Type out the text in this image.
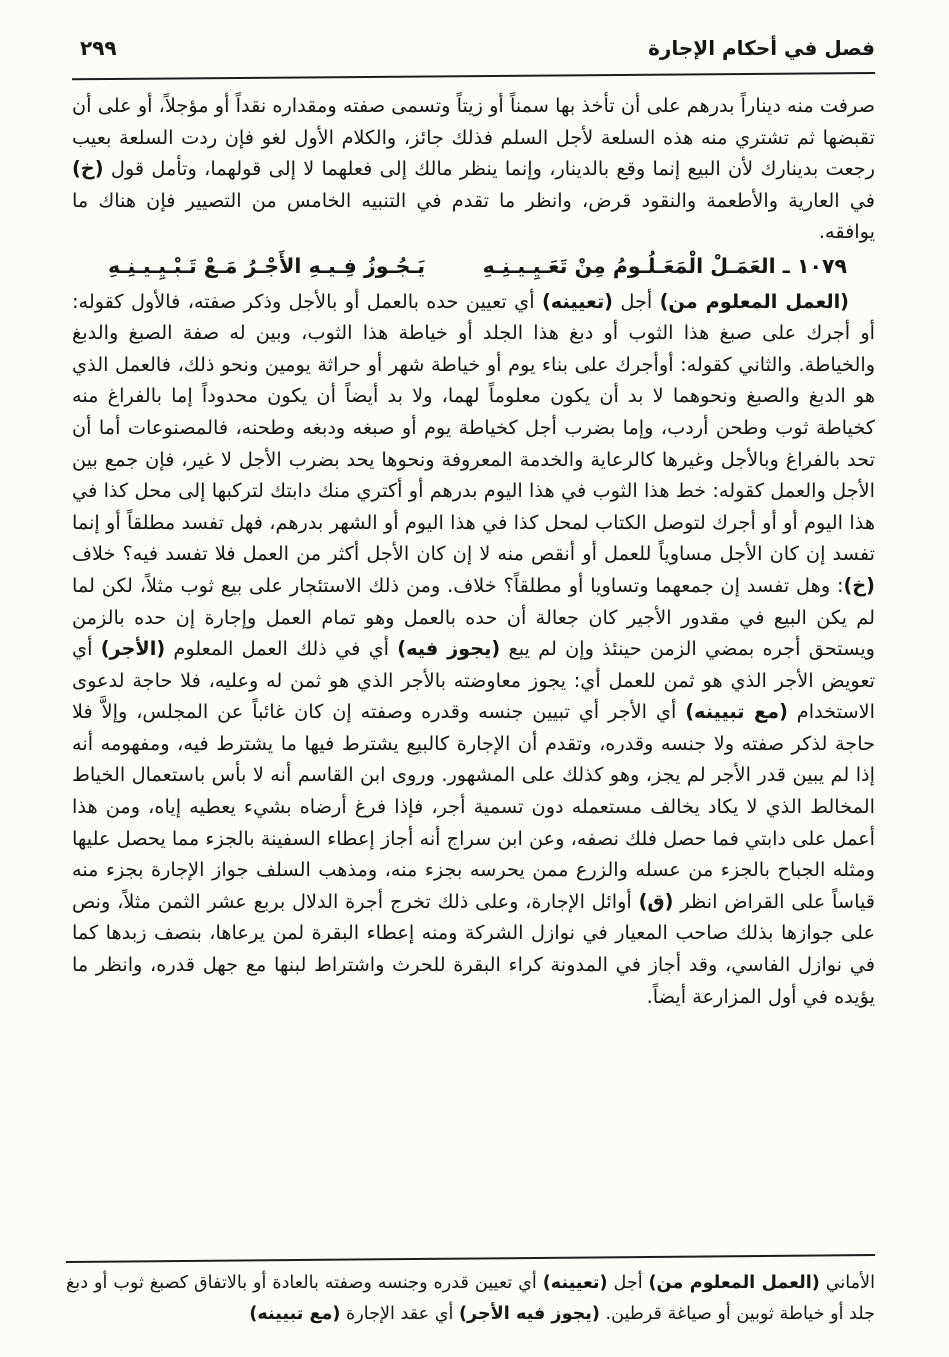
فصل في أحكام الإجارة
٢٩٩

صرفت منه ديناراً بدرهم على أن تأخذ بها سمناً أو زيتاً وتسمى صفته ومقداره نقداً أو مؤجلاً، أو على أن تقبضها ثم تشتري منه هذه السلعة لأجل السلم فذلك جائز، والكلام الأول لغو فإن ردت السلعة بعيب رجعت بدينارك لأن البيع إنما وقع بالدينار، وإنما ينظر مالك إلى فعلهما لا إلى قولهما، وتأمل قول (خ) في العارية والأطعمة والنقود قرض، وانظر ما تقدم في التنبيه الخامس من التصيير فإن هناك ما يوافقه.

١٠٧٩ ـ العَمَـلْ الْمَعَـلُـومُ مِنْ تَعَـيِـيـنِـهِ
يَـجُـوزُ فِـيـهِ الأَجْـرُ مَـعْ تَـبْـيِـيـنِـهِ

(العمل المعلوم من) أجل (تعيينه) أي تعيين حده بالعمل أو بالأجل وذكر صفته، فالأول كقوله: أو أجرك على صبغ هذا الثوب أو دبغ هذا الجلد أو خياطة هذا الثوب، وبين له صفة الصبغ والدبغ والخياطة. والثاني كقوله: أوأجرك على بناء يوم أو خياطة شهر أو حراثة يومين ونحو ذلك، فالعمل الذي هو الدبغ والصبغ ونحوهما لا بد أن يكون معلوماً لهما، ولا بد أيضاً أن يكون محدوداً إما بالفراغ منه كخياطة ثوب وطحن أردب، وإما بضرب أجل كخياطة يوم أو صبغه ودبغه وطحنه، فالمصنوعات أما أن تحد بالفراغ وبالأجل وغيرها كالرعاية والخدمة المعروفة ونحوها يحد بضرب الأجل لا غير، فإن جمع بين الأجل والعمل كقوله: خط هذا الثوب في هذا اليوم بدرهم أو أكتري منك دابتك لتركبها إلى محل كذا في هذا اليوم أو أو أجرك لتوصل الكتاب لمحل كذا في هذا اليوم أو الشهر بدرهم، فهل تفسد مطلقاً أو إنما تفسد إن كان الأجل مساوياً للعمل أو أنقص منه لا إن كان الأجل أكثر من العمل فلا تفسد فيه؟ خلاف (خ): وهل تفسد إن جمعهما وتساويا أو مطلقاً؟ خلاف. ومن ذلك الاستئجار على بيع ثوب مثلاً، لكن لما لم يكن البيع في مقدور الأجير كان جعالة أن حده بالعمل وهو تمام العمل وإجارة إن حده بالزمن ويستحق أجره بمضي الزمن حينئذ وإن لم يبع (يجوز فيه) أي في ذلك العمل المعلوم (الأجر) أي تعويض الأجر الذي هو ثمن للعمل أي: يجوز معاوضته بالأجر الذي هو ثمن له وعليه، فلا حاجة لدعوى الاستخدام (مع تبيينه) أي الأجر أي تبيين جنسه وقدره وصفته إن كان غائباً عن المجلس، وإلاَّ فلا حاجة لذكر صفته ولا جنسه وقدره، وتقدم أن الإجارة كالبيع يشترط فيها ما يشترط فيه، ومفهومه أنه إذا لم يبين قدر الأجر لم يجز، وهو كذلك على المشهور. وروى ابن القاسم أنه لا بأس باستعمال الخياط المخالط الذي لا يكاد يخالف مستعمله دون تسمية أجر، فإذا فرغ أرضاه بشيء يعطيه إياه، ومن هذا أعمل على دابتي فما حصل فلك نصفه، وعن ابن سراج أنه أجاز إعطاء السفينة بالجزء مما يحصل عليها ومثله الجباح بالجزء من عسله والزرع ممن يحرسه بجزء منه، ومذهب السلف جواز الإجارة بجزء منه قياساً على القراض انظر (ق) أوائل الإجارة، وعلى ذلك تخرج أجرة الدلال بربع عشر الثمن مثلاً، ونص على جوازها بذلك صاحب المعيار في نوازل الشركة ومنه إعطاء البقرة لمن يرعاها، بنصف زبدها كما في نوازل الفاسي، وقد أجاز في المدونة كراء البقرة للحرث واشتراط لبنها مع جهل قدره، وانظر ما يؤيده في أول المزارعة أيضاً.

الأماني (العمل المعلوم من) أجل (تعيينه) أي تعيين قدره وجنسه وصفته بالعادة أو بالاتفاق كصبغ ثوب أو دبغ جلد أو خياطة ثوبين أو صياغة قرطين. (يجوز فيه الأجر) أي عقد الإجارة (مع تبيينه)
